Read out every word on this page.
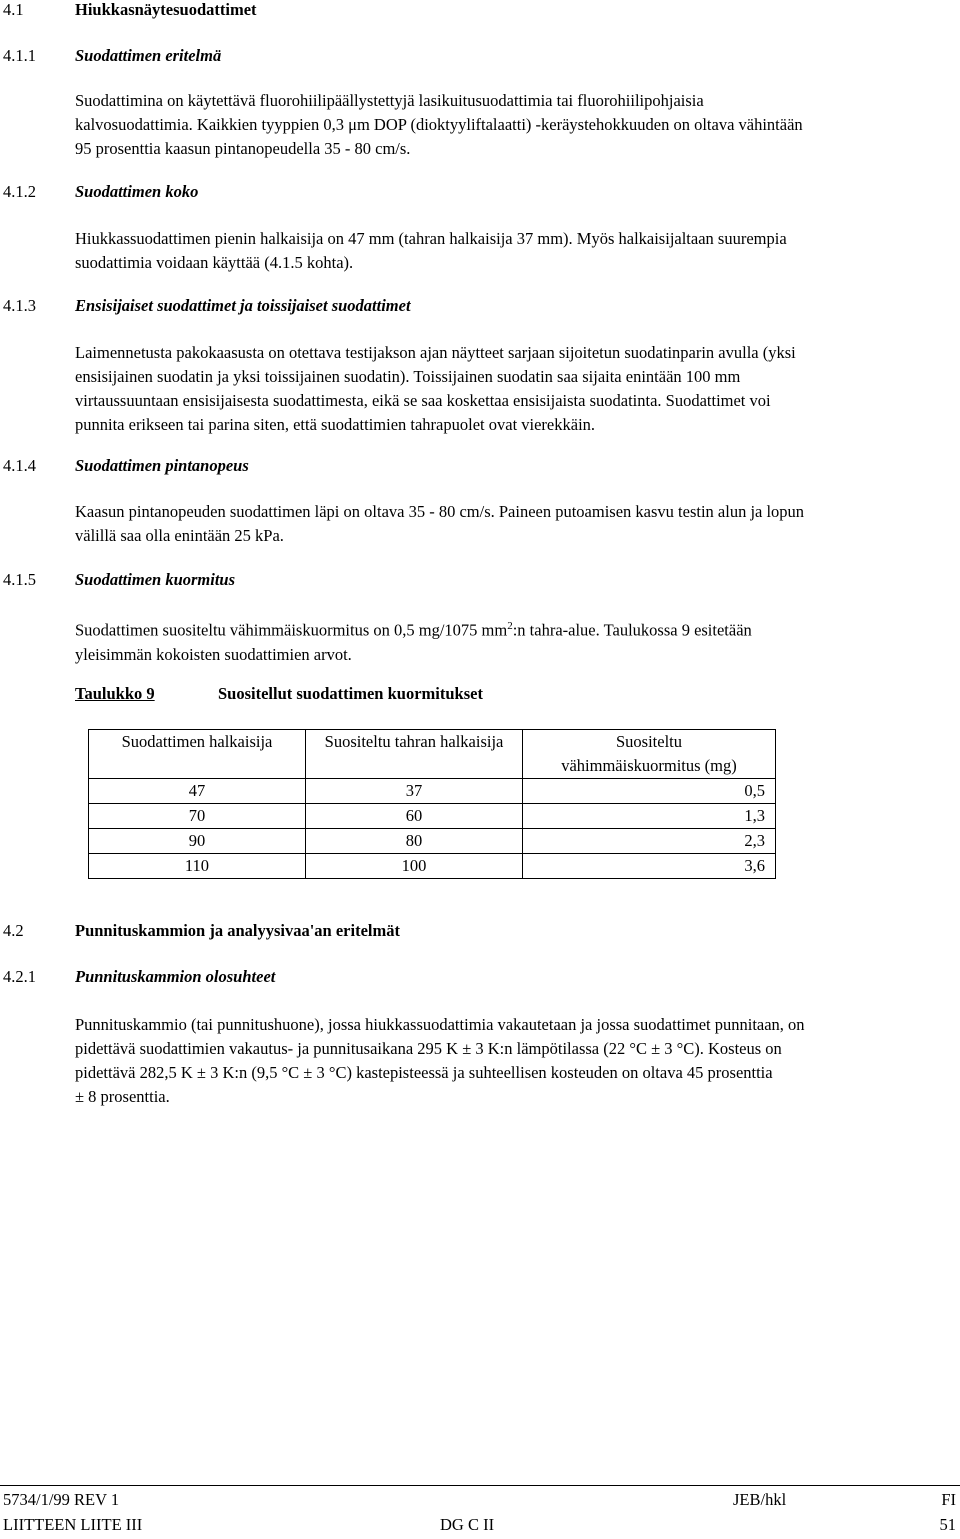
4.1	Hiukkasnäytesuodattimet
4.1.1 Suodattimen eritelmä
Suodattimina on käytettävä fluorohiilipäällystettyjä lasikuitusuodattimia tai fluorohiilipohjaisia
kalvosuodattimia. Kaikkien tyyppien 0,3 μm DOP (dioktyyliftalaatti) -keräystehokkuuden on oltava vähintään
95 prosenttia kaasun pintanopeudella 35 - 80 cm/s.
4.1.2 Suodattimen koko
Hiukkassuodattimen pienin halkaisija on 47 mm (tahran halkaisija 37 mm). Myös halkaisijaltaan suurempia
suodattimia voidaan käyttää (4.1.5 kohta).
4.1.3 Ensisijaiset suodattimet ja toissijaiset suodattimet
Laimennetusta pakokaasusta on otettava testijakson ajan näytteet sarjaan sijoitetun suodatinparin avulla (yksi
ensisijainen suodatin ja yksi toissijainen suodatin). Toissijainen suodatin saa sijaita enintään 100 mm
virtaussuuntaan ensisijaisesta suodattimesta, eikä se saa koskettaa ensisijaista suodatinta. Suodattimet voi
punnita erikseen tai parina siten, että suodattimien tahrapuolet ovat vierekkäin.
4.1.4 Suodattimen pintanopeus
Kaasun pintanopeuden suodattimen läpi on oltava 35 - 80 cm/s. Paineen putoamisen kasvu testin alun ja lopun
välillä saa olla enintään 25 kPa.
4.1.5 Suodattimen kuormitus
Suodattimen suositeltu vähimmäiskuormitus on 0,5 mg/1075 $mm^2:n$ tahra-alue. Taulukossa 9 esitetään
yleisimmän kokoisten suodattimien arvot.
Taulukko 9	Suositellut suodattimen kuormitukset
Suodattimen halkaisija	Suositeltu tahran halkaisija	Suositeltu
vähimmäiskuormitus (mg)

47	37	0,5
70	60	1,3
90	80	2,3
110	100	3,6
4.2	Punnituskammion ja analyysivaa'an eritelmät
4.2.1 Punnituskammion olosuhteet
Punnituskammio (tai punnitushuone), jossa hiukkassuodattimia vakautetaan ja jossa suodattimet punnitaan, on
pidettävä suodattimien vakautus- ja punnitusaikana 295 K ± 3 K:n lämpötilassa (22 °C ± 3 °C). Kosteus on
pidettävä 282,5 K ± 3 K:n (9,5 °C ± 3 °C) kastepisteessä ja suhteellisen kosteuden on oltava 45 prosenttia
± 8 prosenttia.
5734/1/99 REV 1	JEB/hkl	FI
LIITTEEN LIITE III	DG C II	51
